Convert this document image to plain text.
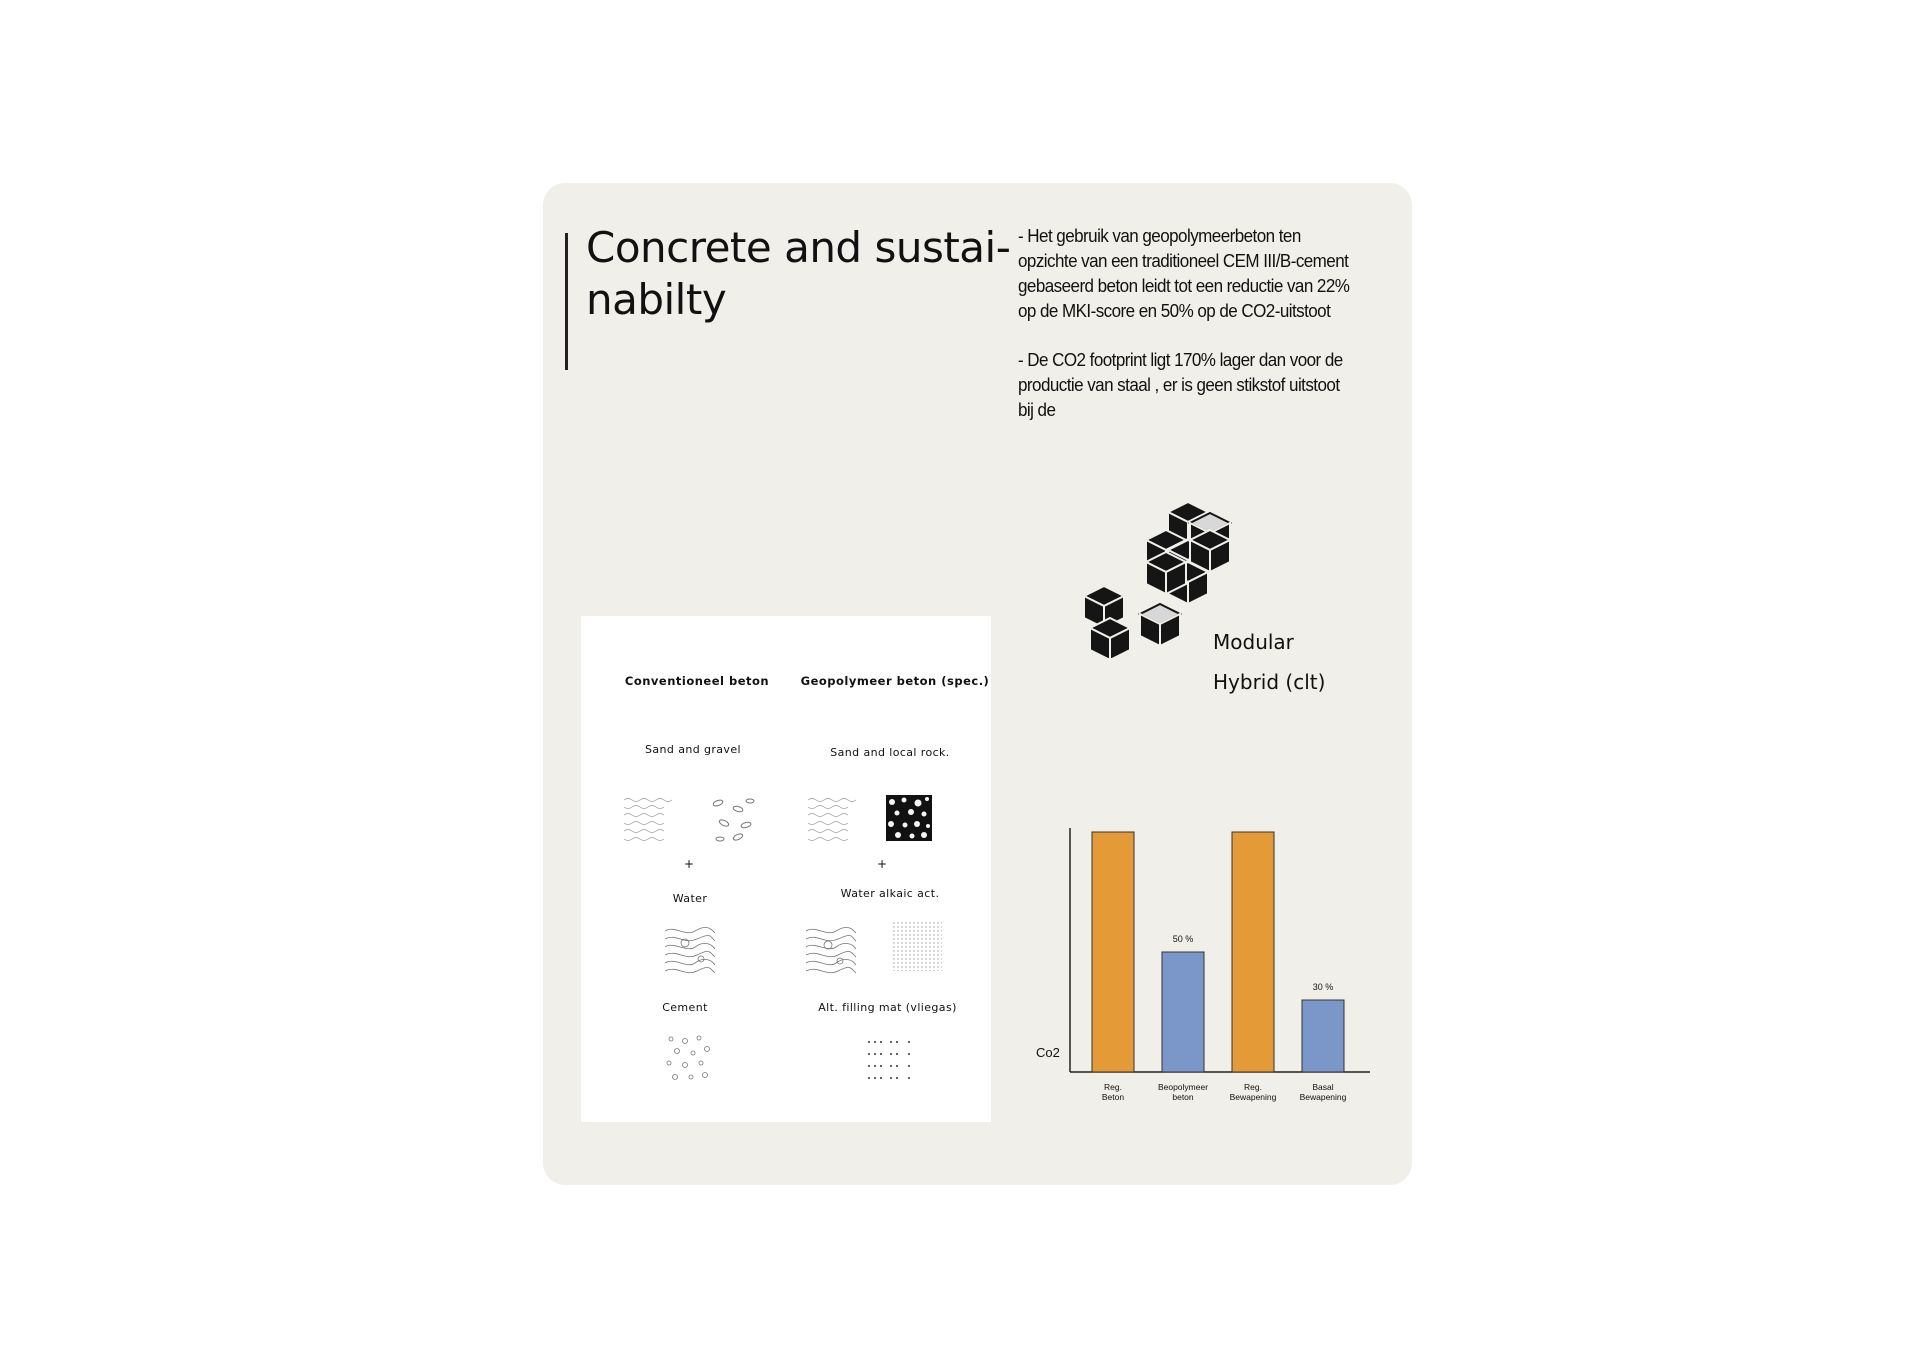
Concrete and sustai-
nabilty
- Het gebruik van geopolymeerbeton ten opzichte van een traditioneel CEM III/B-cement gebaseerd beton leidt tot een reductie van 22% op de MKI-score en 50% op de CO2-uitstoot
- De CO2 footprint ligt 170% lager dan voor de productie van staal , er is geen stikstof uitstoot bij de
Modular
Hybrid (clt)
Conventioneel beton	Geopolymeer beton (spec.)
Sand and gravel	Sand and local rock.
+	+
Water	Water alkaic act.
Cement	Alt. filling mat (vliegas)
Co2
Reg.
Beton
50 %
Beopolymeer
beton
Reg.
Bewapening
30 %
Basal
Bewapening
